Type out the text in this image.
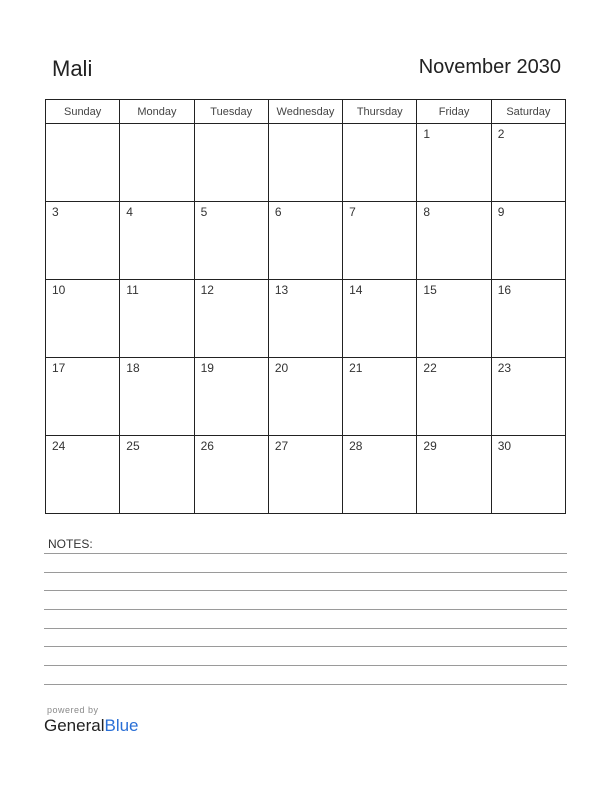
Mali	November 2030
Sunday	Monday	Tuesday	Wednesday	Thursday	Friday	Saturday

					1	2

3	4	5	6	7	8	9

10	11	12	13	14	15	16

17	18	19	20	21	22	23

24	25	26	27	28	29	30
NOTES:
powered by
GeneralBlue
